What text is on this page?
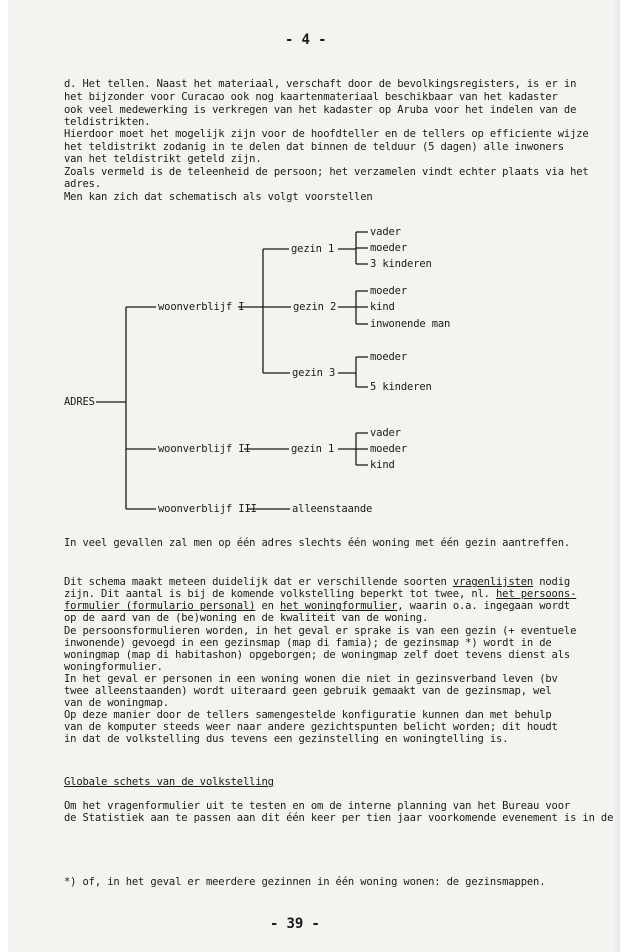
- 4 -
d. Het tellen. Naast het materiaal, verschaft door de bevolkingsregisters, is er in
het bijzonder voor Curacao ook nog kaartenmateriaal beschikbaar van het kadaster
ook veel medewerking is verkregen van het kadaster op Aruba voor het indelen van de
teldistrikten.
Hierdoor moet het mogelijk zijn voor de hoofdteller en de tellers op efficiente wijze
het teldistrikt zodanig in te delen dat binnen de telduur (5 dagen) alle inwoners
van het teldistrikt geteld zijn.
Zoals vermeld is de teleenheid de persoon; het verzamelen vindt echter plaats via het
adres.
Men kan zich dat schematisch als volgt voorstellen
ADRES
woonverblijf I
woonverblijf II
woonverblijf III
gezin 1
gezin 2
gezin 3
gezin 1
alleenstaande
vader
moeder
3 kinderen
moeder
kind
inwonende man
moeder
5 kinderen
vader
moeder
kind
In veel gevallen zal men op één adres slechts één woning met één gezin aantreffen.
Dit schema maakt meteen duidelijk dat er verschillende soorten vragenlijsten nodig
zijn. Dit aantal is bij de komende volkstelling beperkt tot twee, nl. het persoons-
formulier (formulario personal) en het woningformulier, waarin o.a. ingegaan wordt
op de aard van de (be)woning en de kwaliteit van de woning.
De persoonsformulieren worden, in het geval er sprake is van een gezin (+ eventuele
inwonende) gevoegd in een gezinsmap (map di famia); de gezinsmap *) wordt in de
woningmap (map di habitashon) opgeborgen; de woningmap zelf doet tevens dienst als
woningformulier.
In het geval er personen in een woning wonen die niet in gezinsverband leven (bv
twee alleenstaanden) wordt uiteraard geen gebruik gemaakt van de gezinsmap, wel
van de woningmap.
Op deze manier door de tellers samengestelde konfiguratie kunnen dan met behulp
van de komputer steeds weer naar andere gezichtspunten belicht worden; dit houdt
in dat de volkstelling dus tevens een gezinstelling en woningtelling is.
Globale schets van de volkstelling
Om het vragenformulier uit te testen en om de interne planning van het Bureau voor
de Statistiek aan te passen aan dit één keer per tien jaar voorkomende evenement is in de
*) of, in het geval er meerdere gezinnen in één woning wonen: de gezinsmappen.
- 39 -
